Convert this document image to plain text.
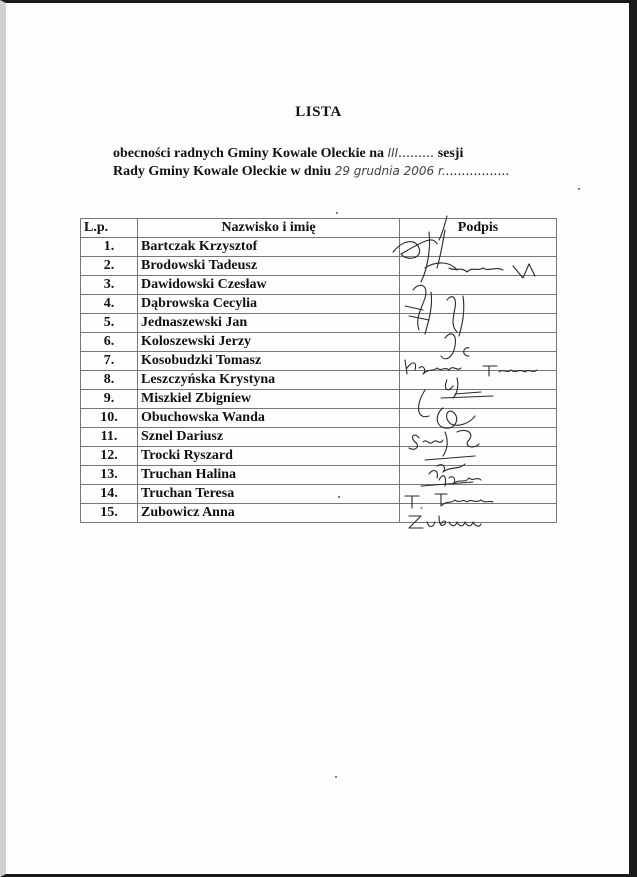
LISTA
obecności radnych Gminy Kowale Oleckie na III......... sesji
Rady Gminy Kowale Oleckie w dniu 29 grudnia 2006 r.................
L.p.	Nazwisko i imię	Podpis
1.	Bartczak Krzysztof	
2.	Brodowski Tadeusz	
3.	Dawidowski Czesław	
4.	Dąbrowska Cecylia	
5.	Jednaszewski Jan	
6.	Koloszewski Jerzy	
7.	Kosobudzki Tomasz	
8.	Leszczyńska Krystyna	
9.	Miszkiel Zbigniew	
10.	Obuchowska Wanda	
11.	Sznel Dariusz	
12.	Trocki Ryszard	
13.	Truchan Halina	
14.	Truchan Teresa	
15.	Zubowicz Anna	
